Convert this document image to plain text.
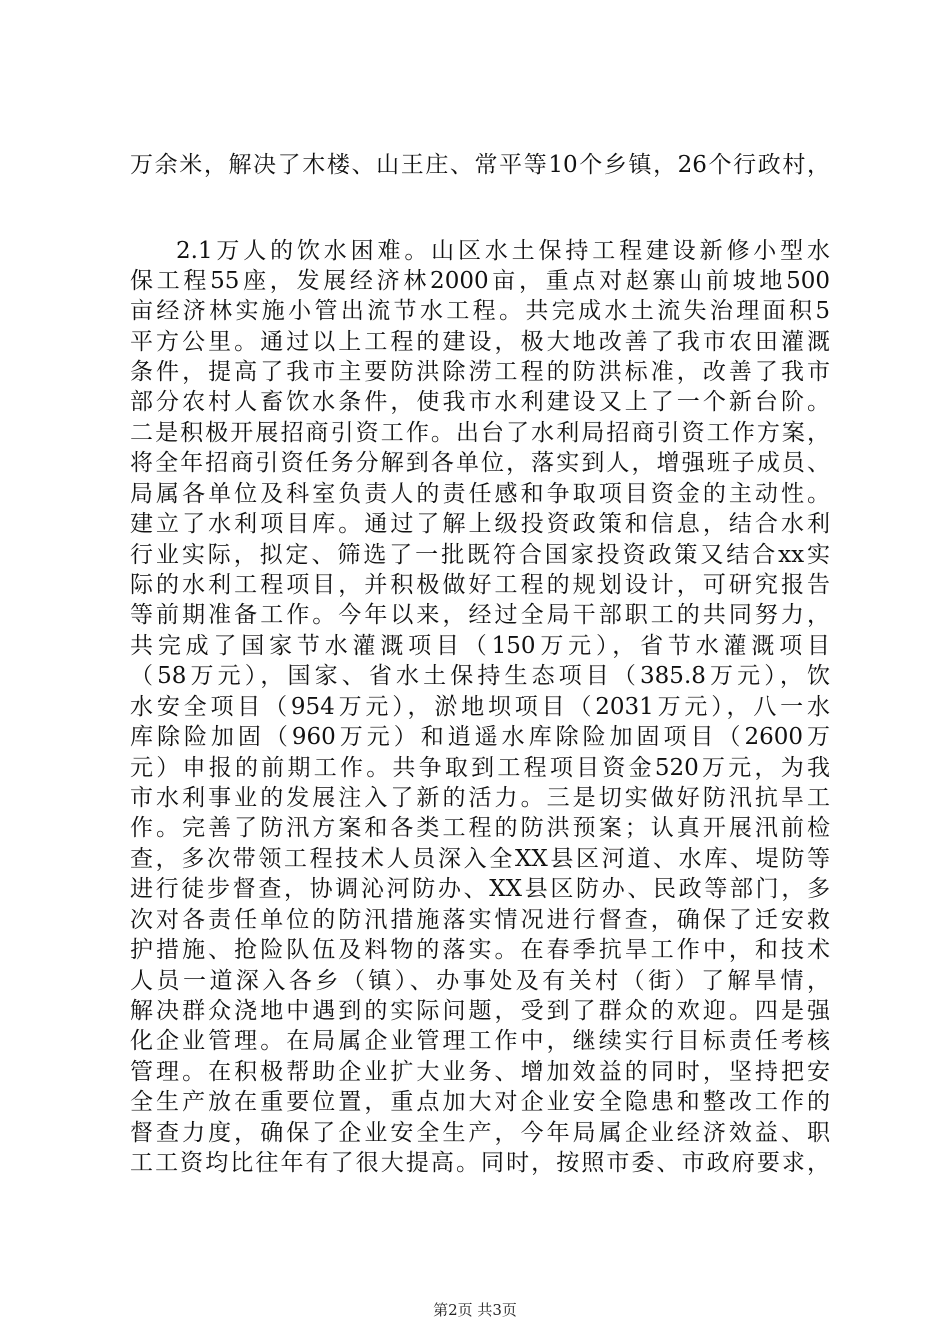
万余米，解决了木楼、山王庄、常平等10个乡镇，26个行政村，
2.1万人的饮水困难。山区水土保持工程建设新修小型水
保工程55座，发展经济林2000亩，重点对赵寨山前坡地500
亩经济林实施小管出流节水工程。共完成水土流失治理面积5
平方公里。通过以上工程的建设，极大地改善了我市农田灌溉
条件，提高了我市主要防洪除涝工程的防洪标准，改善了我市
部分农村人畜饮水条件，使我市水利建设又上了一个新台阶。
二是积极开展招商引资工作。出台了水利局招商引资工作方案，
将全年招商引资任务分解到各单位，落实到人，增强班子成员、
局属各单位及科室负责人的责任感和争取项目资金的主动性。
建立了水利项目库。通过了解上级投资政策和信息，结合水利
行业实际，拟定、筛选了一批既符合国家投资政策又结合xx实
际的水利工程项目，并积极做好工程的规划设计，可研究报告
等前期准备工作。今年以来，经过全局干部职工的共同努力，
共完成了国家节水灌溉项目（150万元），省节水灌溉项目
（58万元），国家、省水土保持生态项目（385.8万元），饮
水安全项目（954万元），淤地坝项目（2031万元），八一水
库除险加固（960万元）和逍遥水库除险加固项目（2600万
元）申报的前期工作。共争取到工程项目资金520万元，为我
市水利事业的发展注入了新的活力。三是切实做好防汛抗旱工
作。完善了防汛方案和各类工程的防洪预案；认真开展汛前检
查，多次带领工程技术人员深入全XX县区河道、水库、堤防等
进行徒步督查，协调沁河防办、XX县区防办、民政等部门，多
次对各责任单位的防汛措施落实情况进行督查，确保了迁安救
护措施、抢险队伍及料物的落实。在春季抗旱工作中，和技术
人员一道深入各乡（镇）、办事处及有关村（街）了解旱情，
解决群众浇地中遇到的实际问题，受到了群众的欢迎。四是强
化企业管理。在局属企业管理工作中，继续实行目标责任考核
管理。在积极帮助企业扩大业务、增加效益的同时，坚持把安
全生产放在重要位置，重点加大对企业安全隐患和整改工作的
督查力度，确保了企业安全生产，今年局属企业经济效益、职
工工资均比往年有了很大提高。同时，按照市委、市政府要求，
第2页 共3页
